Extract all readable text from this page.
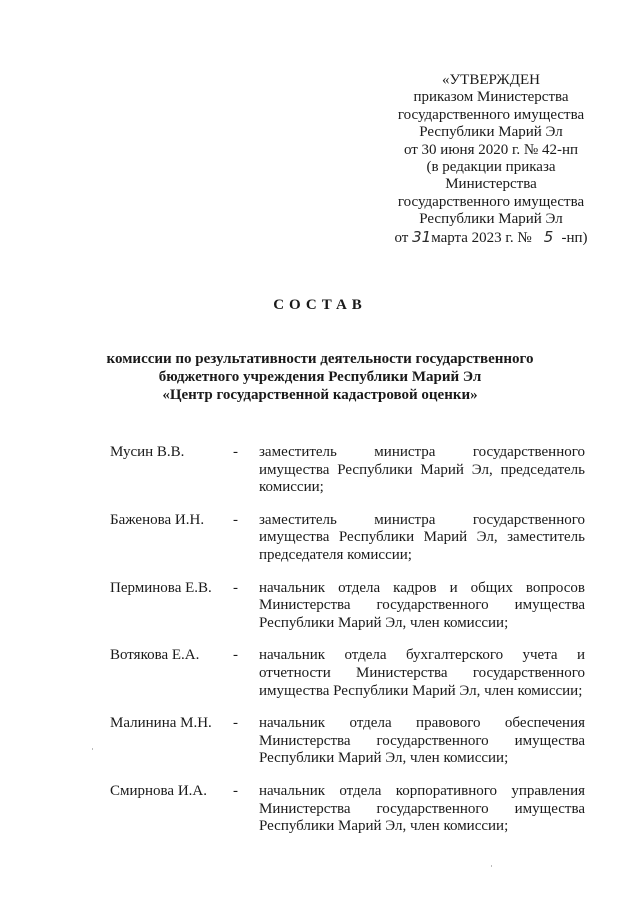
«УТВЕРЖДЕН
приказом Министерства
государственного имущества
Республики Марий Эл
от 30 июня 2020 г. № 42-нп
(в редакции приказа
Министерства
государственного имущества
Республики Марий Эл
от 31марта 2023 г. № 5 -нп)
СОСТАВ
комиссии по результативности деятельности государственного
бюджетного учреждения Республики Марий Эл
«Центр государственной кадастровой оценки»
Мусин В.В.	-	заместитель министра государственного имущества Республики Марий Эл, председатель комиссии;
Баженова И.Н.	-	заместитель министра государственного имущества Республики Марий Эл, заместитель председателя комиссии;
Перминова Е.В.	-	начальник отдела кадров и общих вопросов Министерства государственного имущества Республики Марий Эл, член комиссии;
Вотякова Е.А.	-	начальник отдела бухгалтерского учета и отчетности Министерства государственного имущества Республики Марий Эл, член комиссии;
Малинина М.Н.	-	начальник отдела правового обеспечения Министерства государственного имущества Республики Марий Эл, член комиссии;
Смирнова И.А.	-	начальник отдела корпоративного управления Министерства государственного имущества Республики Марий Эл, член комиссии;
